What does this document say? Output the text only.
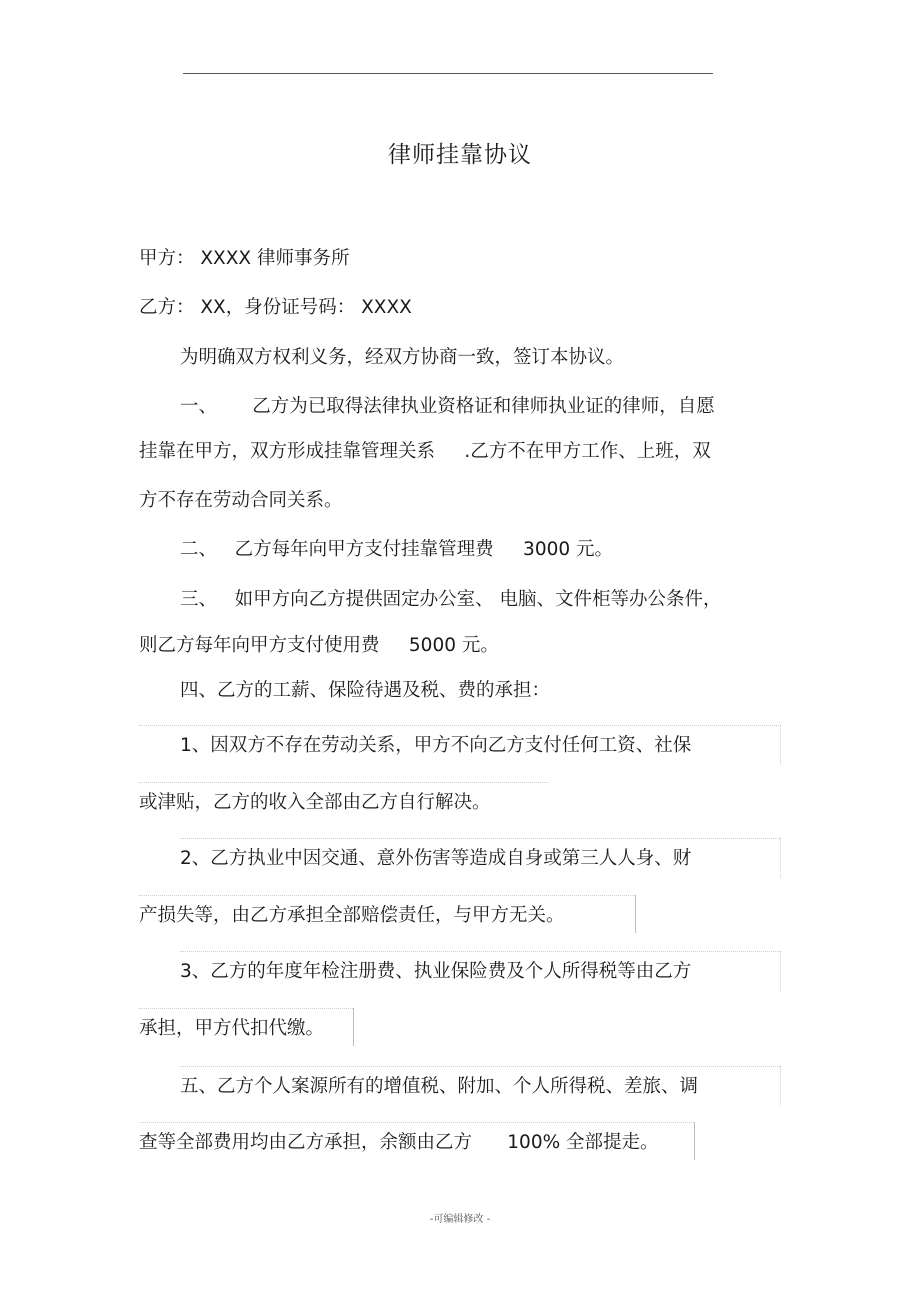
律师挂靠协议
甲方： XXXX 律师事务所
乙方： XX，身份证号码： XXXX
为明确双方权利义务，经双方协商一致，签订本协议。
一、      乙方为已取得法律执业资格证和律师执业证的律师，自愿
挂靠在甲方，双方形成挂靠管理关系     .乙方不在甲方工作、上班，双
方不存在劳动合同关系。
二、   乙方每年向甲方支付挂靠管理费     3000 元。
三、   如甲方向乙方提供固定办公室、 电脑、文件柜等办公条件，
则乙方每年向甲方支付使用费     5000 元。
四、乙方的工薪、保险待遇及税、费的承担：
1、因双方不存在劳动关系，甲方不向乙方支付任何工资、社保
或津贴，乙方的收入全部由乙方自行解决。
2、乙方执业中因交通、意外伤害等造成自身或第三人人身、财
产损失等，由乙方承担全部赔偿责任，与甲方无关。
3、乙方的年度年检注册费、执业保险费及个人所得税等由乙方
承担，甲方代扣代缴。
五、乙方个人案源所有的增值税、附加、个人所得税、差旅、调
查等全部费用均由乙方承担，余额由乙方      100% 全部提走。
-可编辑修改 -
